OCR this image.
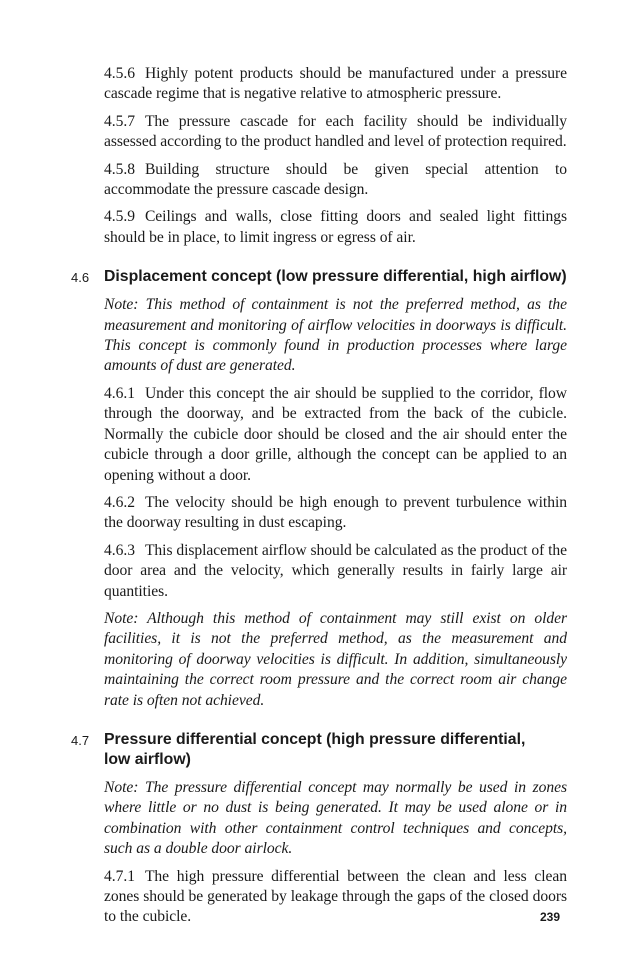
4.5.6 Highly potent products should be manufactured under a pressure cascade regime that is negative relative to atmospheric pressure.

4.5.7 The pressure cascade for each facility should be individually assessed according to the product handled and level of protection required.

4.5.8 Building structure should be given special attention to accommodate the pressure cascade design.

4.5.9 Ceilings and walls, close fitting doors and sealed light fittings should be in place, to limit ingress or egress of air.

4.6 Displacement concept (low pressure differential, high airflow)

Note: This method of containment is not the preferred method, as the measurement and monitoring of airflow velocities in doorways is difficult. This concept is commonly found in production processes where large amounts of dust are generated.

4.6.1 Under this concept the air should be supplied to the corridor, flow through the doorway, and be extracted from the back of the cubicle. Normally the cubicle door should be closed and the air should enter the cubicle through a door grille, although the concept can be applied to an opening without a door.

4.6.2 The velocity should be high enough to prevent turbulence within the doorway resulting in dust escaping.

4.6.3 This displacement airflow should be calculated as the product of the door area and the velocity, which generally results in fairly large air quantities.

Note: Although this method of containment may still exist on older facilities, it is not the preferred method, as the measurement and monitoring of doorway velocities is difficult. In addition, simultaneously maintaining the correct room pressure and the correct room air change rate is often not achieved.

4.7 Pressure differential concept (high pressure differential,
low airflow)

Note: The pressure differential concept may normally be used in zones where little or no dust is being generated. It may be used alone or in combination with other containment control techniques and concepts, such as a double door airlock.

4.7.1 The high pressure differential between the clean and less clean zones should be generated by leakage through the gaps of the closed doors to the cubicle.	239
